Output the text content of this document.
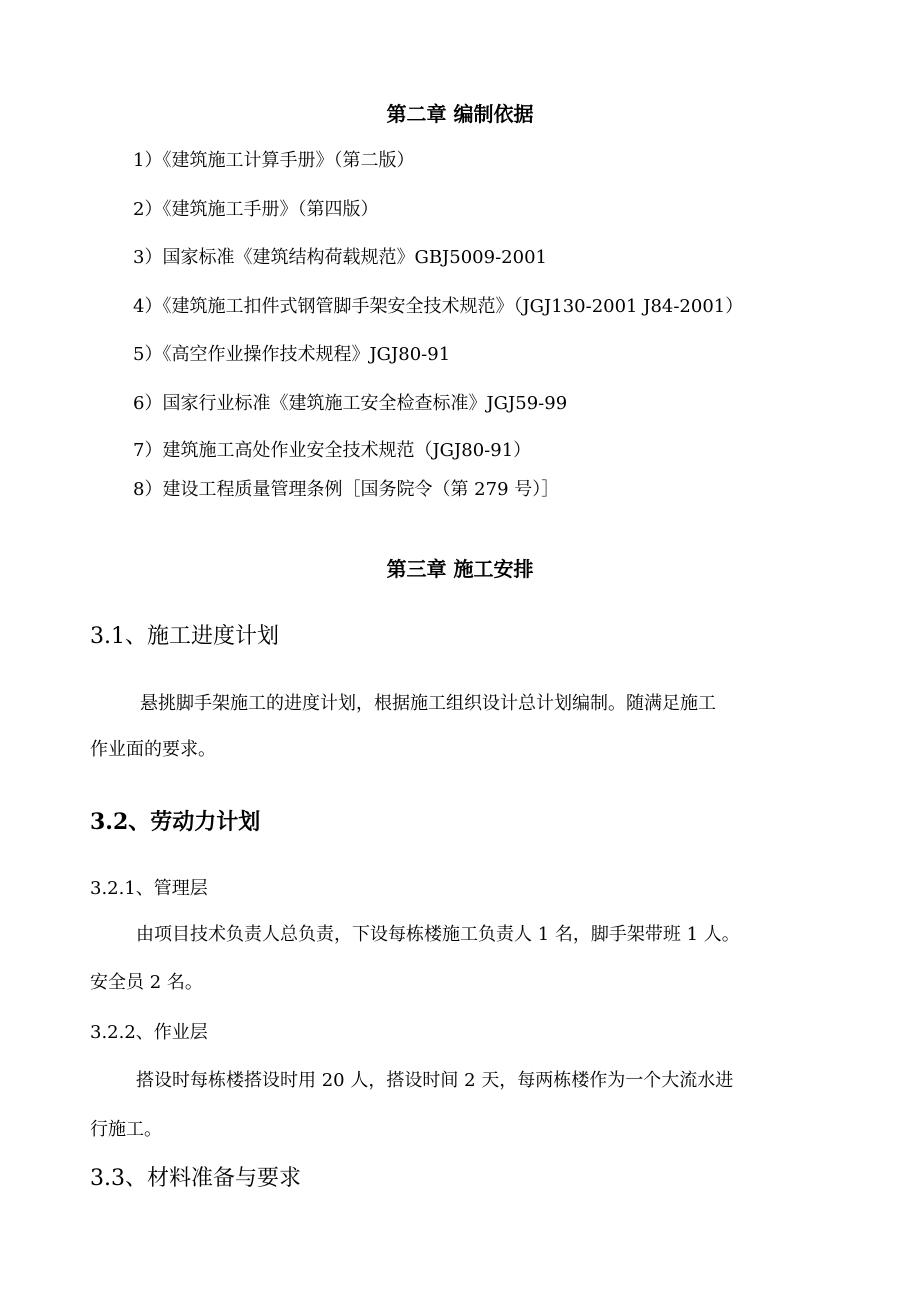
第二章 编制依据
1）《建筑施工计算手册》（第二版）
2）《建筑施工手册》（第四版）
3）国家标准《建筑结构荷载规范》GBJ5009-2001
4）《建筑施工扣件式钢管脚手架安全技术规范》（JGJ130-2001 J84-2001）
5）《高空作业操作技术规程》JGJ80-91
6）国家行业标准《建筑施工安全检查标准》JGJ59-99
7）建筑施工高处作业安全技术规范（JGJ80-91）
8）建设工程质量管理条例［国务院令（第 279 号）］
第三章 施工安排
3.1、施工进度计划
悬挑脚手架施工的进度计划，根据施工组织设计总计划编制。随满足施工
作业面的要求。
3.2、劳动力计划
3.2.1、管理层
由项目技术负责人总负责，下设每栋楼施工负责人 1 名，脚手架带班 1 人。
安全员 2 名。
3.2.2、作业层
搭设时每栋楼搭设时用 20 人，搭设时间 2 天，每两栋楼作为一个大流水进
行施工。
3.3、材料准备与要求
